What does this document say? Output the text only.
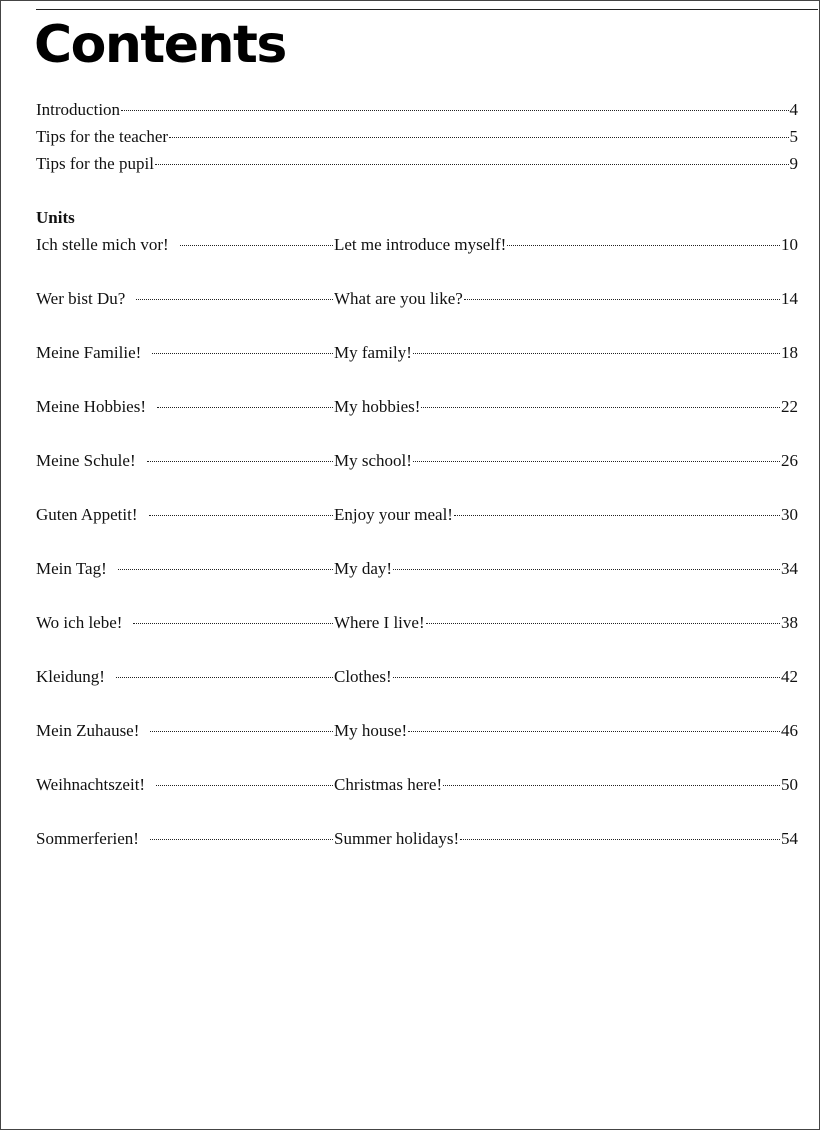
Contents
Introduction	4
Tips for the teacher	5
Tips for the pupil	9
Units
Ich stelle mich vor!	Let me introduce myself!	10
Wer bist Du?	What are you like?	14
Meine Familie!	My family!	18
Meine Hobbies!	My hobbies!	22
Meine Schule!	My school!	26
Guten Appetit!	Enjoy your meal!	30
Mein Tag!	My day!	34
Wo ich lebe!	Where I live!	38
Kleidung!	Clothes!	42
Mein Zuhause!	My house!	46
Weihnachtszeit!	Christmas here!	50
Sommerferien!	Summer holidays!	54
